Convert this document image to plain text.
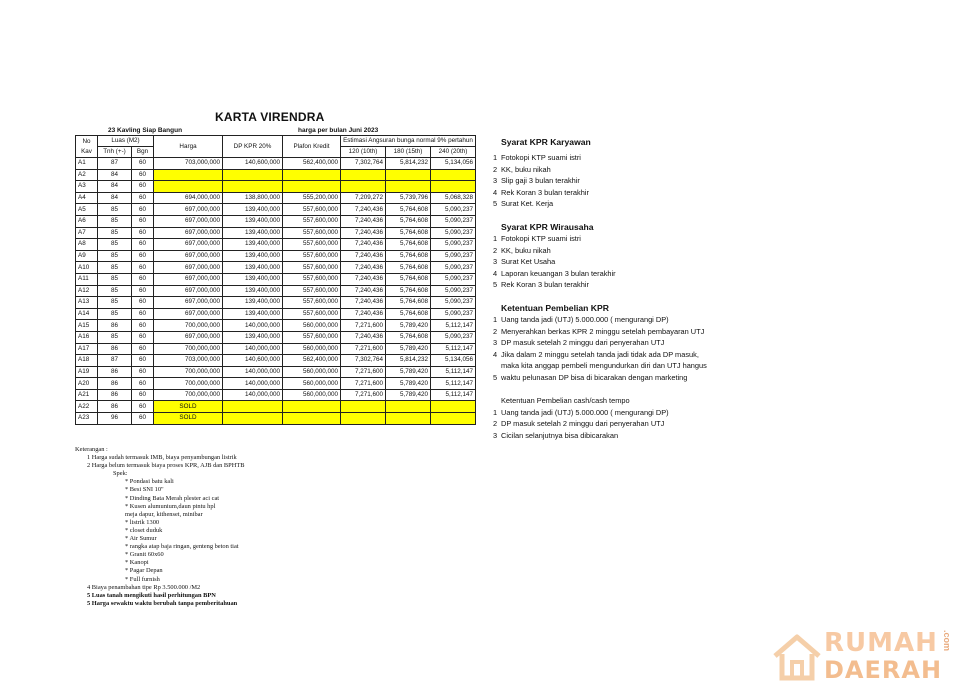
KARTA VIRENDRA
23 Kavling Siap Bangun	harga per bulan Juni 2023
No
Kav	Luas (M2)		Harga	DP KPR 20%	Plafon Kredit	Estimasi Angsuran bunga normal 9% pertahun		
	Tnh (+-)	Bgn				120 (10th)	180 (15th)	240 (20th)

A1	87	60	703,000,000	140,600,000	562,400,000	7,302,764	5,814,232	5,134,056
A2	84	60						
A3	84	60						
A4	84	60	694,000,000	138,800,000	555,200,000	7,209,272	5,739,796	5,068,328
A5	85	60	697,000,000	139,400,000	557,600,000	7,240,436	5,764,608	5,090,237
A6	85	60	697,000,000	139,400,000	557,600,000	7,240,436	5,764,608	5,090,237
A7	85	60	697,000,000	139,400,000	557,600,000	7,240,436	5,764,608	5,090,237
A8	85	60	697,000,000	139,400,000	557,600,000	7,240,436	5,764,608	5,090,237
A9	85	60	697,000,000	139,400,000	557,600,000	7,240,436	5,764,608	5,090,237
A10	85	60	697,000,000	139,400,000	557,600,000	7,240,436	5,764,608	5,090,237
A11	85	60	697,000,000	139,400,000	557,600,000	7,240,436	5,764,608	5,090,237
A12	85	60	697,000,000	139,400,000	557,600,000	7,240,436	5,764,608	5,090,237
A13	85	60	697,000,000	139,400,000	557,600,000	7,240,436	5,764,608	5,090,237
A14	85	60	697,000,000	139,400,000	557,600,000	7,240,436	5,764,608	5,090,237
A15	86	60	700,000,000	140,000,000	560,000,000	7,271,600	5,789,420	5,112,147
A16	85	60	697,000,000	139,400,000	557,600,000	7,240,436	5,764,608	5,090,237
A17	86	60	700,000,000	140,000,000	560,000,000	7,271,600	5,789,420	5,112,147
A18	87	60	703,000,000	140,600,000	562,400,000	7,302,764	5,814,232	5,134,056
A19	86	60	700,000,000	140,000,000	560,000,000	7,271,600	5,789,420	5,112,147
A20	86	60	700,000,000	140,000,000	560,000,000	7,271,600	5,789,420	5,112,147
A21	86	60	700,000,000	140,000,000	560,000,000	7,271,600	5,789,420	5,112,147
A22	86	60	SOLD					
A23	96	60	SOLD					
Keterangan :
1 Harga sudah termasuk IMB, biaya penyambungan listrik
2 Harga belum termasuk biaya proses KPR, AJB dan BPHTB
Spek:
* Pondasi batu kali
* Besi SNI 10"
* Dinding Bata Merah plester aci cat
* Kusen alumunium,daun pintu hpl
meja dapur, kithenset, minibar
* listrik 1300
* closet duduk
* Air Sumur
* rangka atap baja ringan, genteng beton tiat
* Granit 60x60
* Kanopi
* Pagar Depan
* Full furnish
4 Biaya penambahan tipe Rp 3.500.000 /M2
5 Luas tanah mengikuti hasil perhitungan BPN
5 Harga sewaktu waktu berubah tanpa pemberitahuan
Syarat KPR Karyawan
1 Fotokopi KTP suami istri
2 KK, buku nikah
3 Slip gaji 3 bulan terakhir
4 Rek Koran 3 bulan terakhir
5 Surat Ket. Kerja
Syarat KPR Wirausaha
1 Fotokopi KTP suami istri
2 KK, buku nikah
3 Surat Ket Usaha
4 Laporan keuangan 3 bulan terakhir
5 Rek Koran 3 bulan terakhir
Ketentuan Pembelian KPR
1 Uang tanda jadi (UTJ) 5.000.000 ( mengurangi DP)
2 Menyerahkan berkas KPR 2 minggu setelah pembayaran UTJ
3 DP masuk setelah 2 minggu dari penyerahan UTJ
4 Jika dalam 2 minggu setelah tanda jadi tidak ada DP masuk,
maka kita anggap pembeli mengundurkan diri dan UTJ hangus
5 waktu pelunasan DP bisa di bicarakan dengan marketing
Ketentuan Pembelian cash/cash tempo
1 Uang tanda jadi (UTJ) 5.000.000 ( mengurangi DP)
2 DP masuk setelah 2 minggu dari penyerahan UTJ
3 Cicilan selanjutnya bisa dibicarakan
RUMAH
DAERAH
.com
